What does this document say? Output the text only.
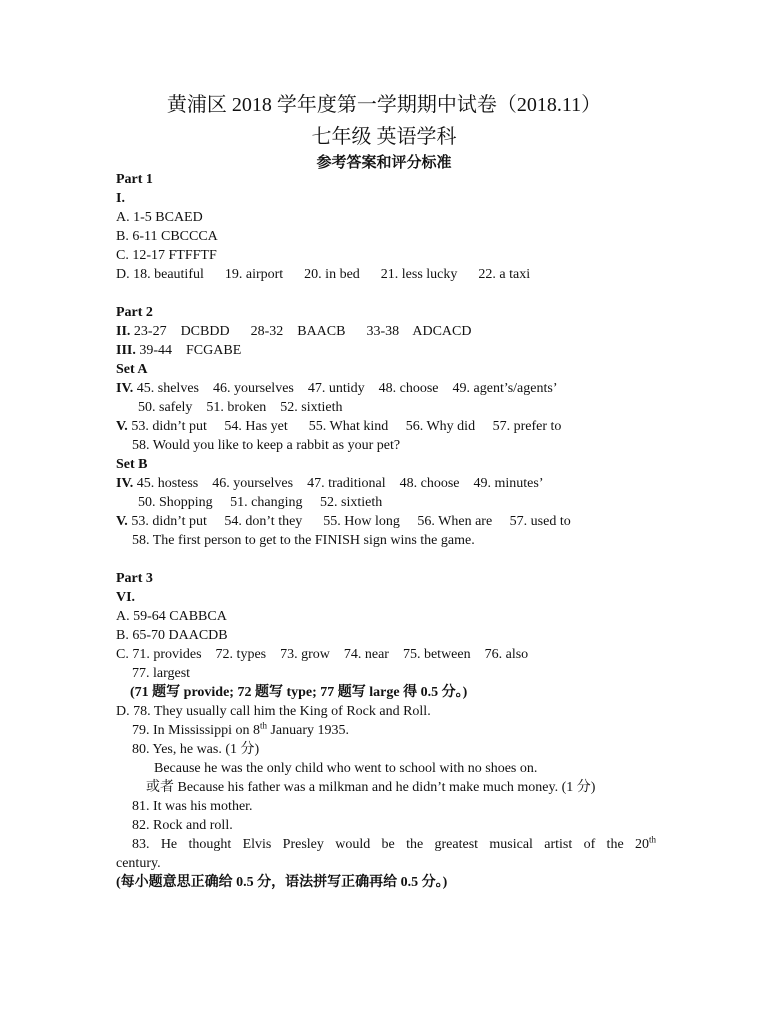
黄浦区 2018 学年度第一学期期中试卷（2018.11）
七年级 英语学科
参考答案和评分标准
Part 1
I.
A. 1-5 BCAED
B. 6-11 CBCCCA
C. 12-17 FTFFTF
D. 18. beautiful      19. airport      20. in bed      21. less lucky      22. a taxi
Part 2
II. 23-27    DCBDD      28-32    BAACB      33-38    ADCACD
III. 39-44    FCGABE
Set A
IV. 45. shelves    46. yourselves    47. untidy    48. choose    49. agent’s/agents’
50. safely    51. broken    52. sixtieth
V. 53. didn’t put     54. Has yet      55. What kind     56. Why did     57. prefer to
58. Would you like to keep a rabbit as your pet?
Set B
IV. 45. hostess    46. yourselves    47. traditional    48. choose    49. minutes’
50. Shopping     51. changing     52. sixtieth
V. 53. didn’t put     54. don’t they      55. How long     56. When are     57. used to
58. The first person to get to the FINISH sign wins the game.
Part 3
VI.
A. 59-64 CABBCA
B. 65-70 DAACDB
C. 71. provides    72. types    73. grow    74. near    75. between    76. also
77. largest
(71 题写 provide; 72 题写 type; 77 题写 large 得 0.5 分。)
D. 78. They usually call him the King of Rock and Roll.
79. In Mississippi on 8th January 1935.
80. Yes, he was. (1 分)
Because he was the only child who went to school with no shoes on.
或者 Because his father was a milkman and he didn’t make much money. (1 分)
81. It was his mother.
82. Rock and roll.
83. He thought Elvis Presley would be the greatest musical artist of the 20th
century.
(每小题意思正确给 0.5 分，语法拼写正确再给 0.5 分。)
